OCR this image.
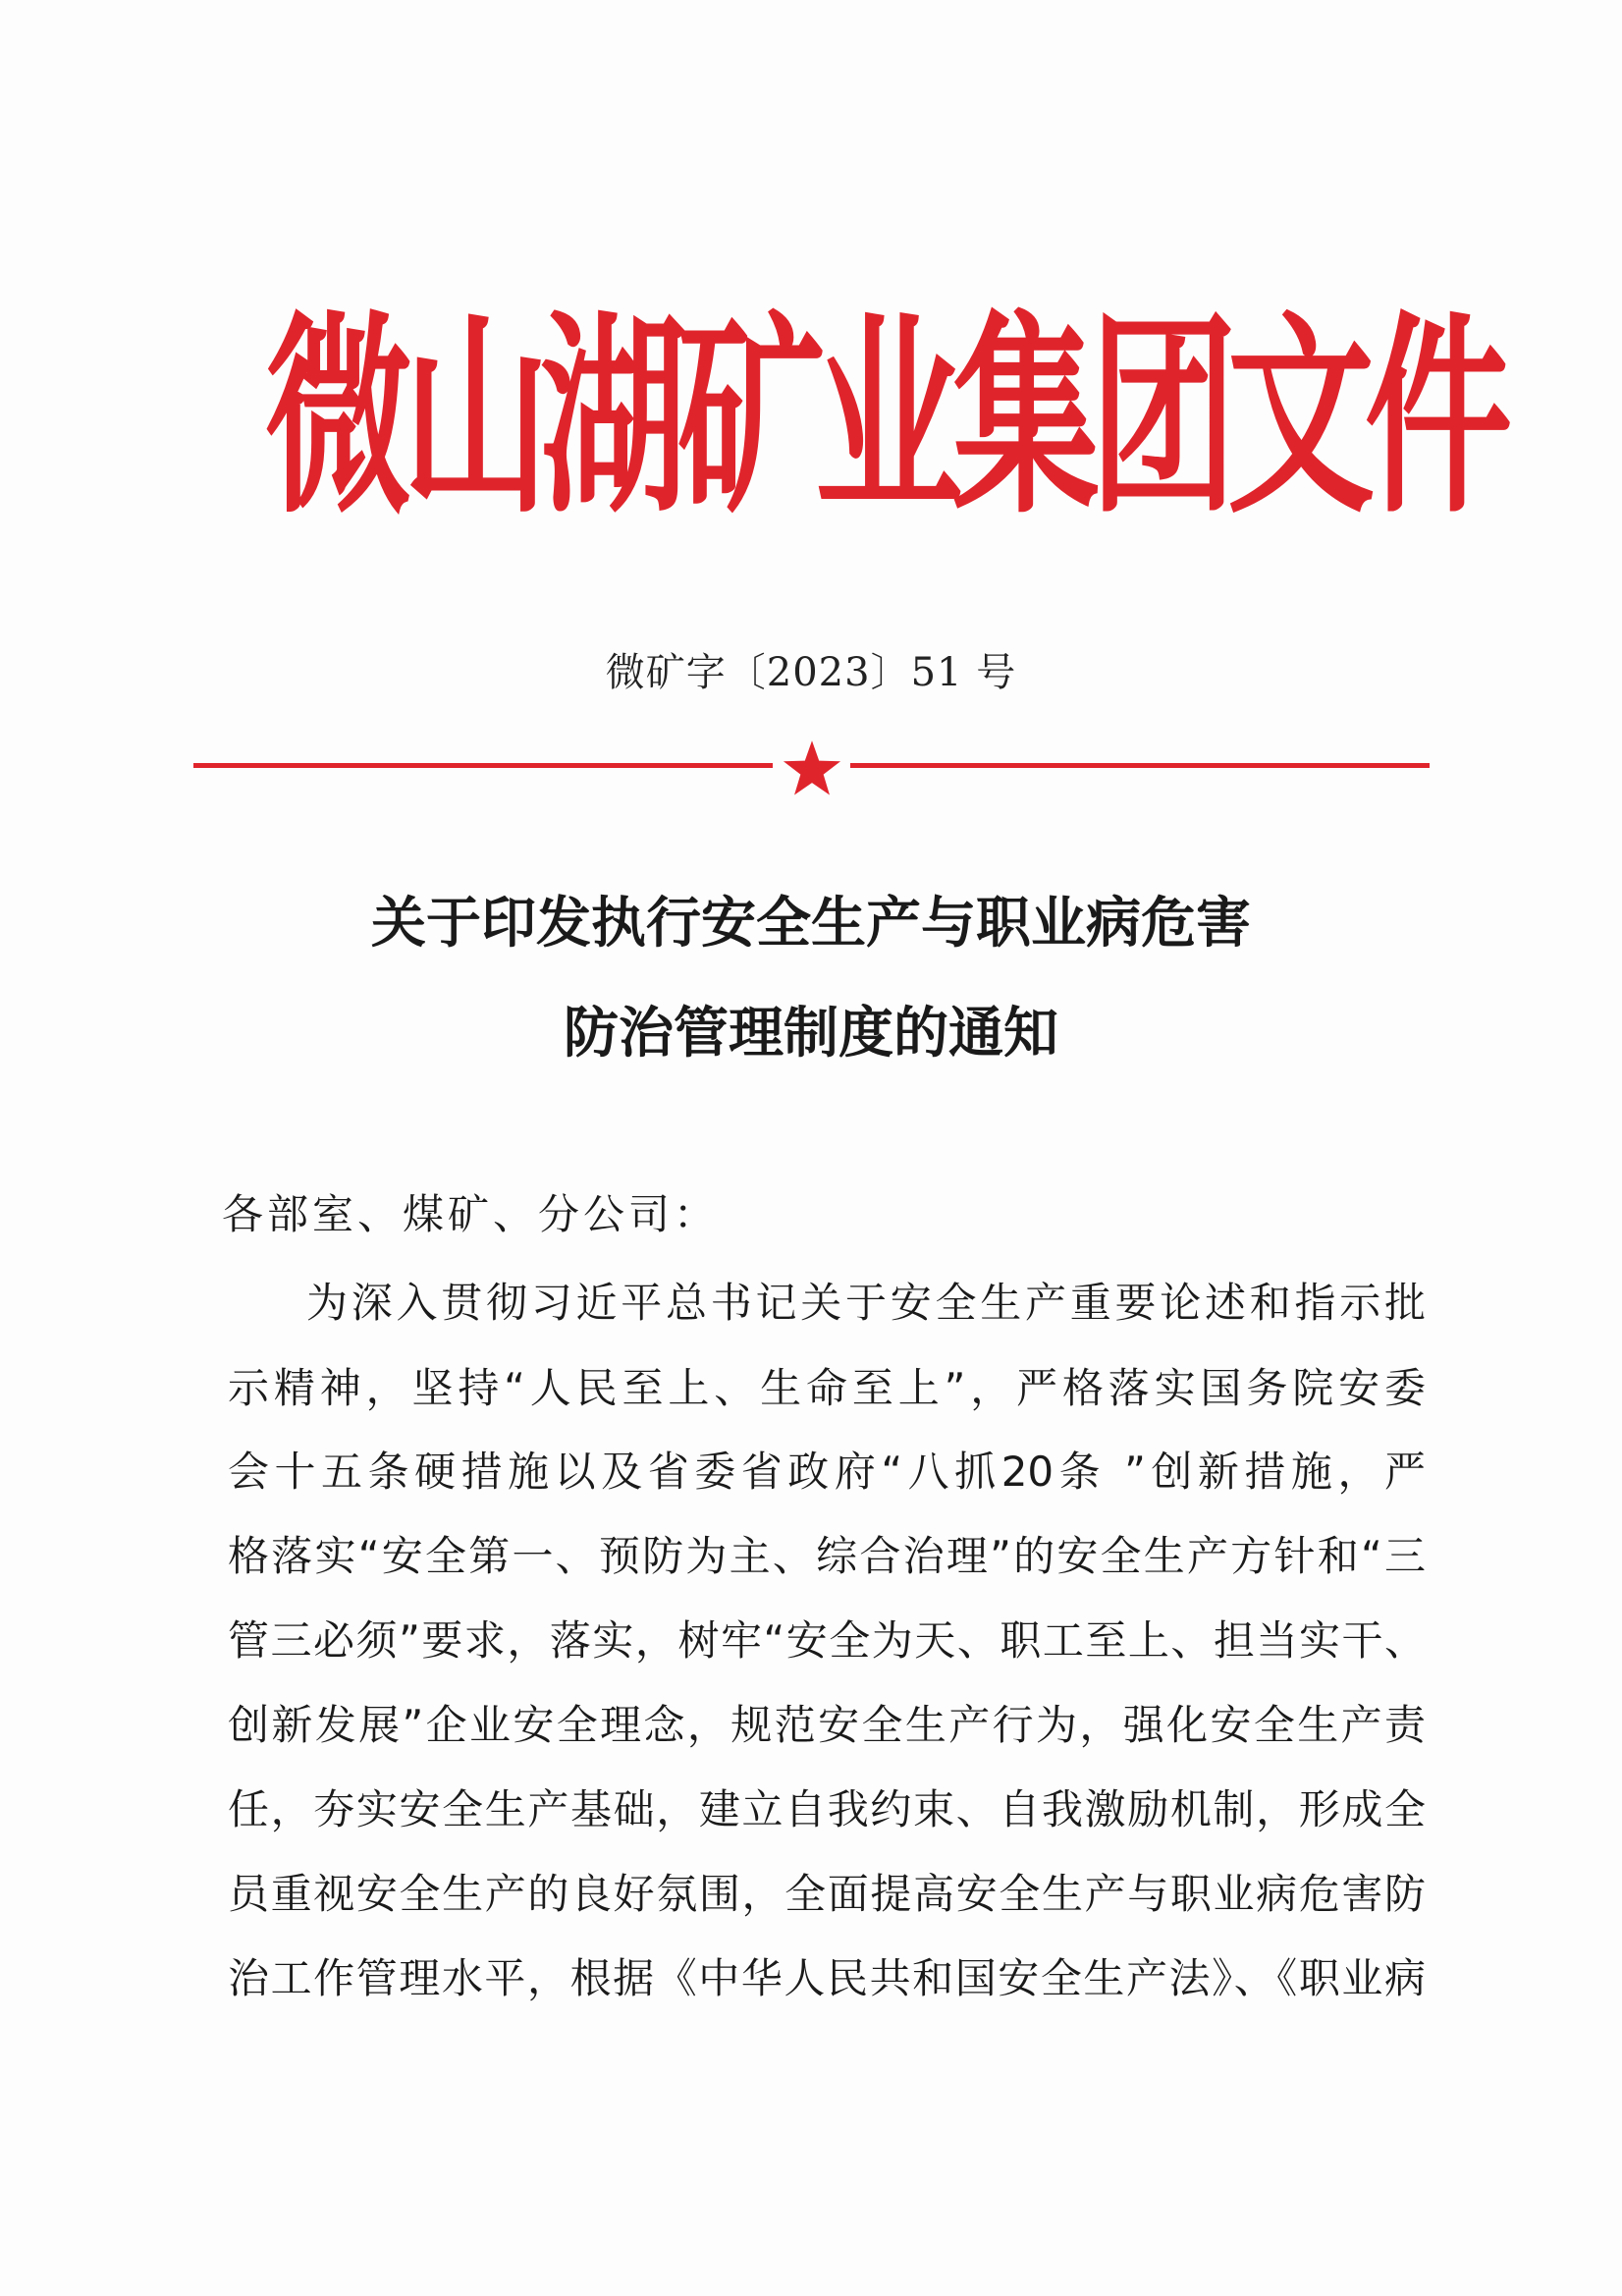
微山湖矿业集团文件
微矿字〔2023〕51 号
关于印发执行安全生产与职业病危害
防治管理制度的通知
各部室、煤矿、分公司：
为深入贯彻习近平总书记关于安全生产重要论述和指示批
示精神，坚持“人民至上、生命至上”，严格落实国务院安委
会十五条硬措施以及省委省政府“八抓20条 ”创新措施，严
格落实“安全第一、预防为主、综合治理”的安全生产方针和“三
管三必须”要求，落实，树牢“安全为天、职工至上、担当实干、
创新发展”企业安全理念，规范安全生产行为，强化安全生产责
任，夯实安全生产基础，建立自我约束、自我激励机制，形成全
员重视安全生产的良好氛围，全面提高安全生产与职业病危害防
治工作管理水平，根据《中华人民共和国安全生产法》、《职业病
